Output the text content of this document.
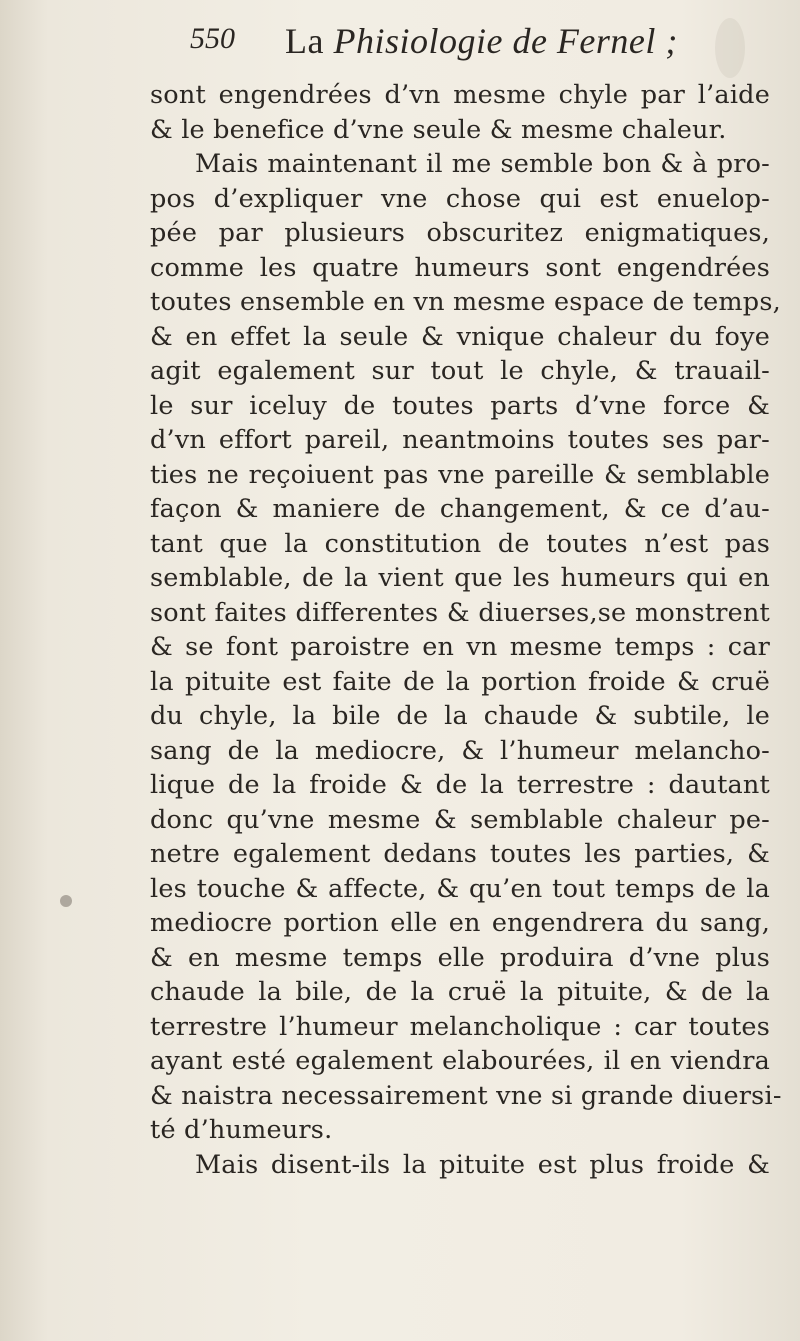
550 La Phisiologie de Fernel ;
sont engendrées d’vn mesme chyle par l’aide
& le benefice d’vne seule & mesme chaleur.
Mais maintenant il me semble bon & à pro-
pos d’expliquer vne chose qui est enuelop-
pée par plusieurs obscuritez enigmatiques,
comme les quatre humeurs sont engendrées
toutes ensemble en vn mesme espace de temps,
& en effet la seule & vnique chaleur du foye
agit egalement sur tout le chyle, & trauail-
le sur iceluy de toutes parts d’vne force &
d’vn effort pareil, neantmoins toutes ses par-
ties ne reçoiuent pas vne pareille & semblable
façon & maniere de changement, & ce d’au-
tant que la constitution de toutes n’est pas
semblable, de la vient que les humeurs qui en
sont faites differentes & diuerses,se monstrent
& se font paroistre en vn mesme temps : car
la pituite est faite de la portion froide & cruë
du chyle, la bile de la chaude & subtile, le
sang de la mediocre, & l’humeur melancho-
lique de la froide & de la terrestre : dautant
donc qu’vne mesme & semblable chaleur pe-
netre egalement dedans toutes les parties, &
les touche & affecte, & qu’en tout temps de la
mediocre portion elle en engendrera du sang,
& en mesme temps elle produira d’vne plus
chaude la bile, de la cruë la pituite, & de la
terrestre l’humeur melancholique : car toutes
ayant esté egalement elabourées, il en viendra
& naistra necessairement vne si grande diuersi-
té d’humeurs.
Mais disent-ils la pituite est plus froide &
